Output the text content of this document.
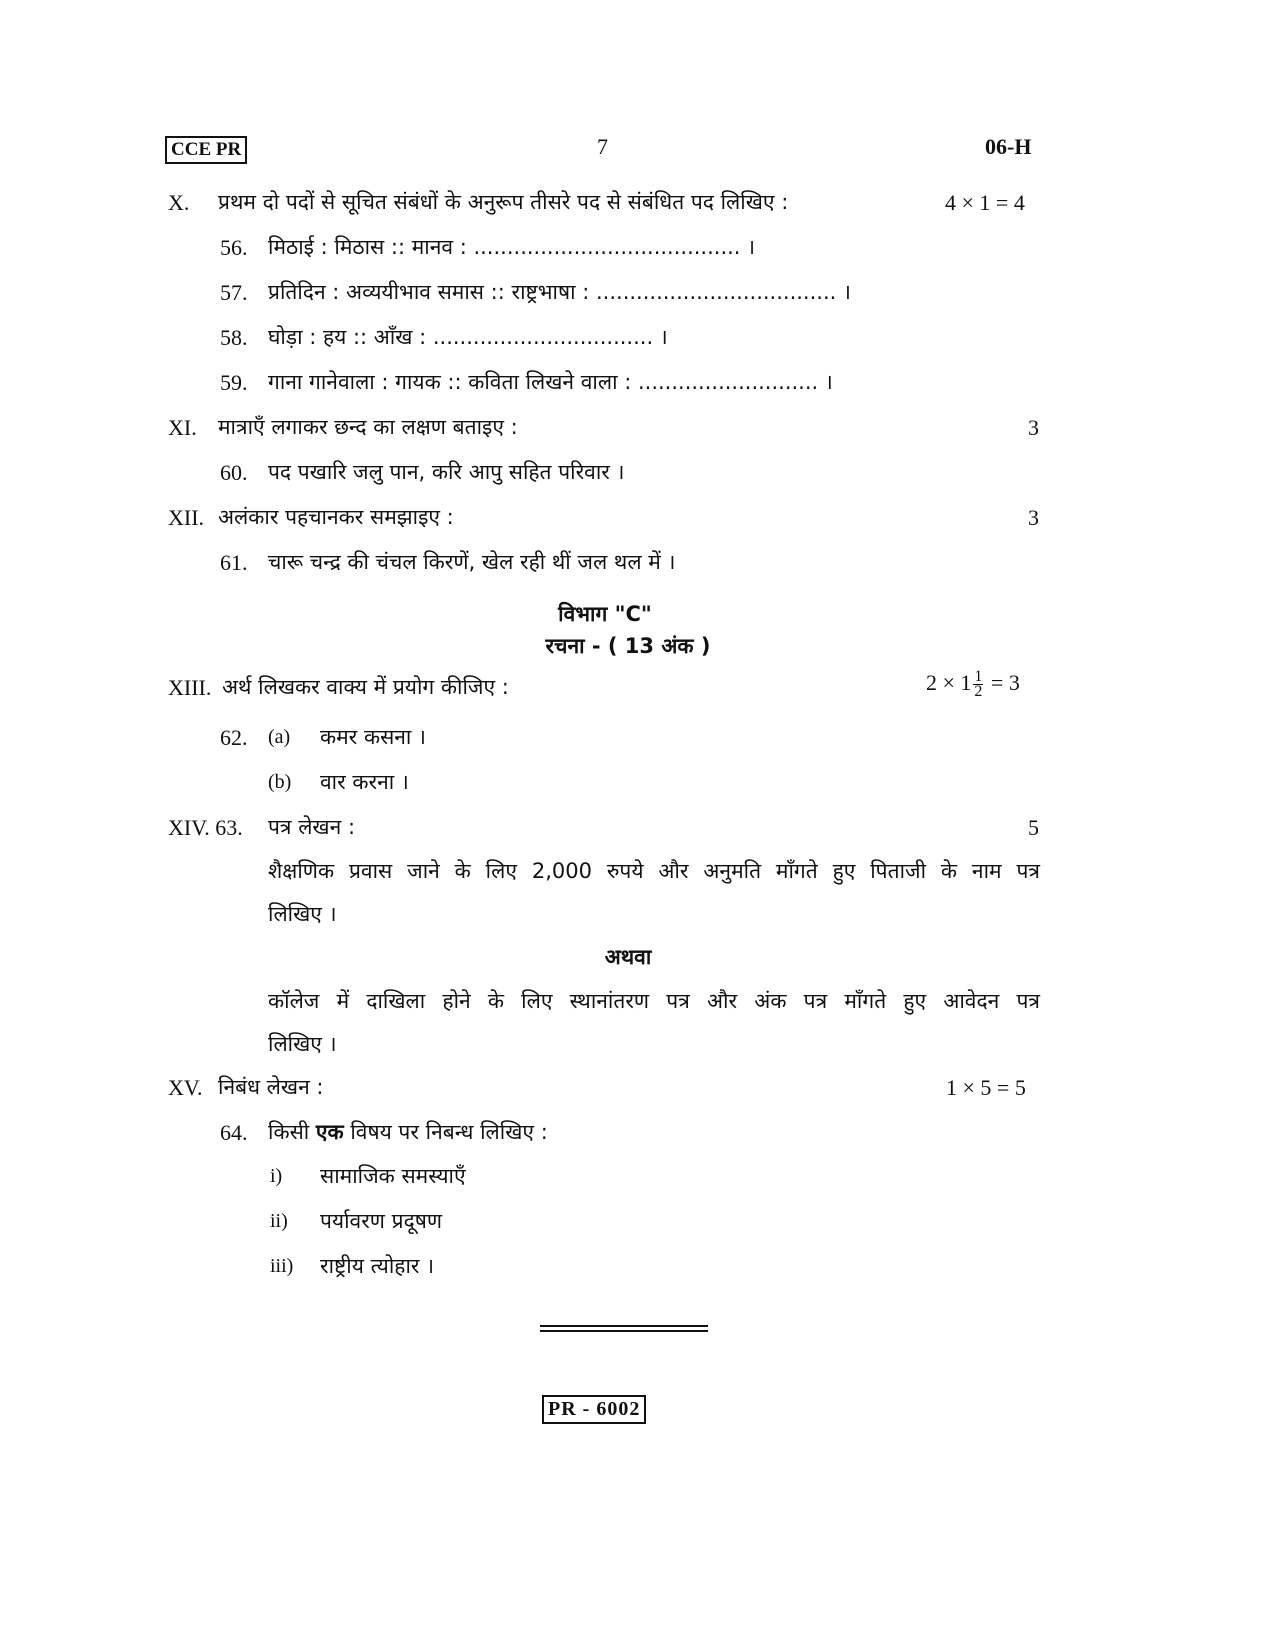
CCE PR	7	06-H
X. प्रथम दो पदों से सूचित संबंधों के अनुरूप तीसरे पद से संबंधित पद लिखिए :	4 × 1 = 4
56. मिठाई : मिठास :: मानव : ........................................ ।
57. प्रतिदिन : अव्ययीभाव समास :: राष्ट्रभाषा : .................................... ।
58. घोड़ा : हय :: आँख : ................................. ।
59. गाना गानेवाला : गायक :: कविता लिखने वाला : ........................... ।
XI. मात्राएँ लगाकर छन्द का लक्षण बताइए :	3
60. पद पखारि जलु पान, करि आपु सहित परिवार ।
XII. अलंकार पहचानकर समझाइए :	3
61. चारू चन्द्र की चंचल किरणें, खेल रही थीं जल थल में ।
विभाग "C"
रचना - ( 13 अंक )
XIII. अर्थ लिखकर वाक्य में प्रयोग कीजिए :	$2 \times 1 \frac{1}{2} = 3$
62. (a) कमर कसना ।
(b) वार करना ।
XIV. 63. पत्र लेखन :	5
शैक्षणिक प्रवास जाने के लिए 2,000 रुपये और अनुमति माँगते हुए पिताजी के नाम पत्र
लिखिए ।
अथवा
कॉलेज में दाखिला होने के लिए स्थानांतरण पत्र और अंक पत्र माँगते हुए आवेदन पत्र
लिखिए ।
XV. निबंध लेखन :	1 × 5 = 5
64. किसी एक विषय पर निबन्ध लिखिए :
i) सामाजिक समस्याएँ
ii) पर्यावरण प्रदूषण
iii) राष्ट्रीय त्योहार ।
PR - 6002
